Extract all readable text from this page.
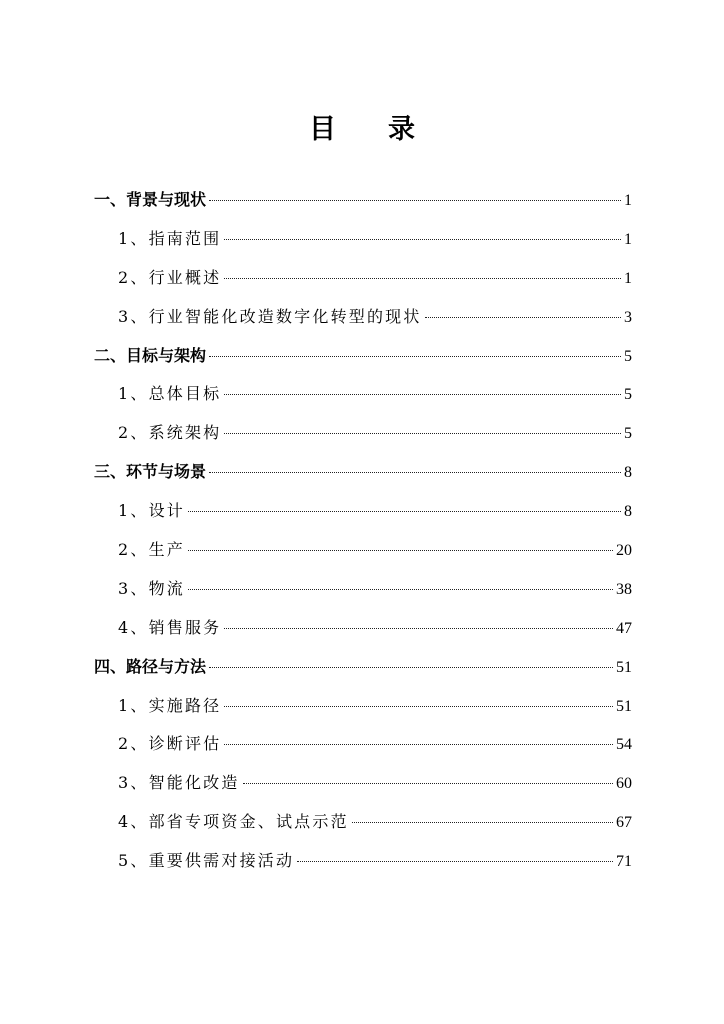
目录
一、背景与现状	1
1、指南范围	1
2、行业概述	1
3、行业智能化改造数字化转型的现状	3
二、目标与架构	5
1、总体目标	5
2、系统架构	5
三、环节与场景	8
1、设计	8
2、生产	20
3、物流	38
4、销售服务	47
四、路径与方法	51
1、实施路径	51
2、诊断评估	54
3、智能化改造	60
4、部省专项资金、试点示范	67
5、重要供需对接活动	71
